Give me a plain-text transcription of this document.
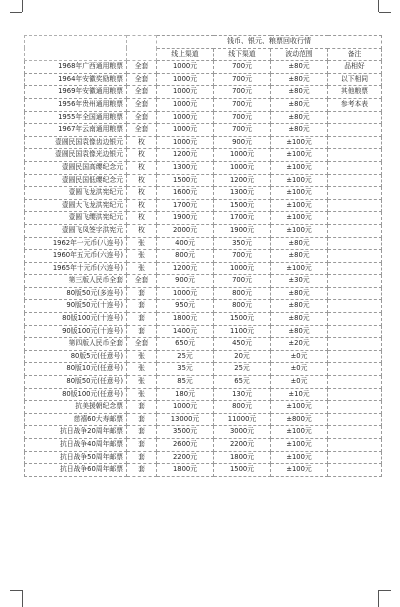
		钱币、银元、粮票回收行情			
		线上渠道	线下渠道	波动范围	备注
1968年广西通用粮票	全套	1000元	700元	±80元	品相好
1964年安徽奖励粮票	全套	1000元	700元	±80元	以下相同
1969年安徽通用粮票	全套	1000元	700元	±80元	其他粮票
1956年贵州通用粮票	全套	1000元	700元	±80元	参考本表
1955年全国通用粮票	全套	1000元	700元	±80元	
1967年云南通用粮票	全套	1000元	700元	±80元	
壹圆民国袁像齿边银元	枚	1000元	900元	±100元	
壹圆民国袁像光边银元	枚	1200元	1000元	±100元	
壹圆民国高缨纪念元	枚	1300元	1000元	±100元	
壹圆民国低缨纪念元	枚	1500元	1200元	±100元	
壹圆飞龙洪宪纪元	枚	1600元	1300元	±100元	
壹圆大飞龙洪宪纪元	枚	1700元	1500元	±100元	
壹圆飞缨洪宪纪元	枚	1900元	1700元	±100元	
壹圆飞凤签字洪宪元	枚	2000元	1900元	±100元	
1962年一元币(八连号)	张	400元	350元	±80元	
1960年五元币(六连号)	张	800元	700元	±80元	
1965年十元币(六连号)	张	1200元	1000元	±100元	
第三版人民币全套	全套	900元	700元	±30元	
80版50元(多连号)	套	1000元	800元	±80元	
90版50元(十连号)	套	950元	800元	±80元	
80版100元(十连号)	套	1800元	1500元	±80元	
90版100元(十连号)	套	1400元	1100元	±80元	
第四版人民币全套	全套	650元	450元	±20元	
80版5元(任意号)	张	25元	20元	±0元	
80版10元(任意号)	张	35元	25元	±0元	
80版50元(任意号)	张	85元	65元	±0元	
80版100元(任意号)	张	180元	130元	±10元	
抗美援朝纪念票	套	1000元	800元	±100元	
慈禧60大寿邮票	套	13000元	11000元	±800元	
抗日战争20周年邮票	套	3500元	3000元	±100元	
抗日战争40周年邮票	套	2600元	2200元	±100元	
抗日战争50周年邮票	套	2200元	1800元	±100元	
抗日战争60周年邮票	套	1800元	1500元	±100元	
